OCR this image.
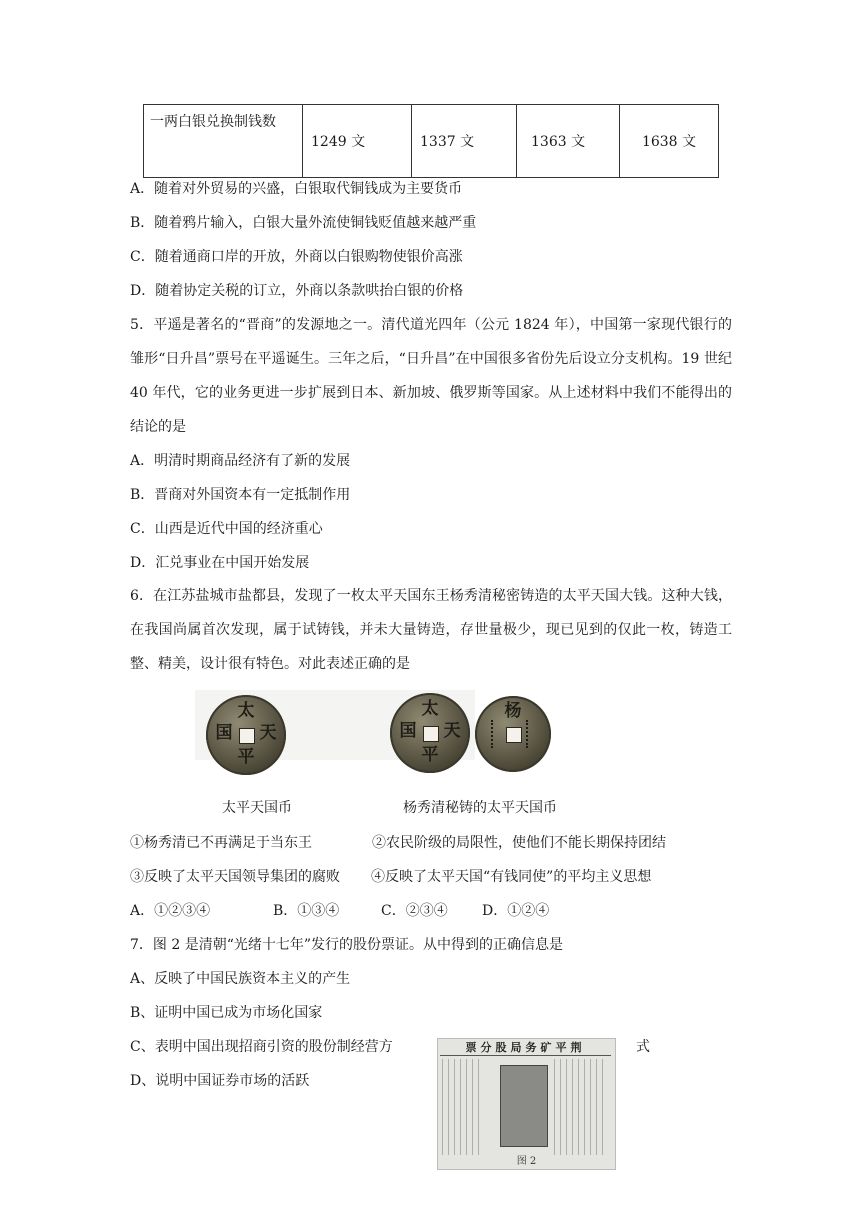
一两白银兑换制钱数	1249 文	1337 文	1363 文	1638 文
A．随着对外贸易的兴盛，白银取代铜钱成为主要货币
B．随着鸦片输入，白银大量外流使铜钱贬值越来越严重
C．随着通商口岸的开放，外商以白银购物使银价高涨
D．随着协定关税的订立，外商以条款哄抬白银的价格
5．平遥是著名的“晋商”的发源地之一。清代道光四年（公元 1824 年），中国第一家现代银行的雏形“日升昌”票号在平遥诞生。三年之后，“日升昌”在中国很多省份先后设立分支机构。19 世纪 40 年代，它的业务更进一步扩展到日本、新加坡、俄罗斯等国家。从上述材料中我们不能得出的结论的是
A．明清时期商品经济有了新的发展
B．晋商对外国资本有一定抵制作用
C．山西是近代中国的经济重心
D．汇兑事业在中国开始发展
6．在江苏盐城市盐都县，发现了一枚太平天国东王杨秀清秘密铸造的太平天国大钱。这种大钱，在我国尚属首次发现，属于试铸钱，并未大量铸造，存世量极少，现已见到的仅此一枚，铸造工整、精美，设计很有特色。对此表述正确的是
太
天
平
国
太
天
平
国
杨
太平天国币	杨秀清秘铸的太平天国币
①杨秀清已不再满足于当东王	②农民阶级的局限性，使他们不能长期保持团结
③反映了太平天国领导集团的腐败 ④反映了太平天国“有钱同使”的平均主义思想
A．①②③④	B．①③④	C．②③④ D．①②④
7．图 2 是清朝“光绪十七年”发行的股份票证。从中得到的正确信息是
A、反映了中国民族资本主义的产生
B、证明中国已成为市场化国家
C、表明中国出现招商引资的股份制经营方	式
D、说明中国证券市场的活跃
票分股局务矿平荆
图 2
